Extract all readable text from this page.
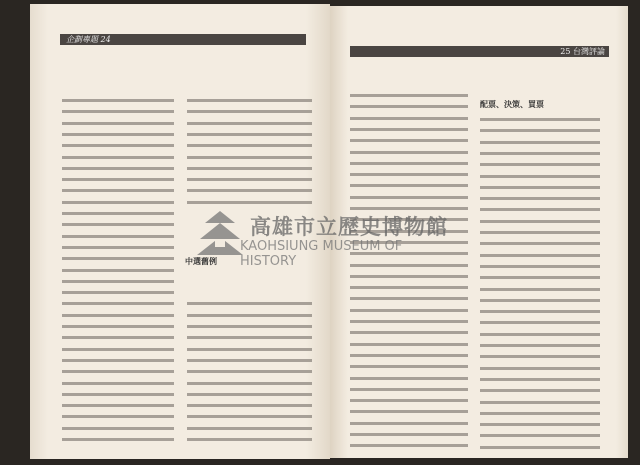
企劃專題 24
中選舊例
25 台灣評論
配票、決策、買票
高雄市立歷史博物館
KAOHSIUNG MUSEUM OF HISTORY
